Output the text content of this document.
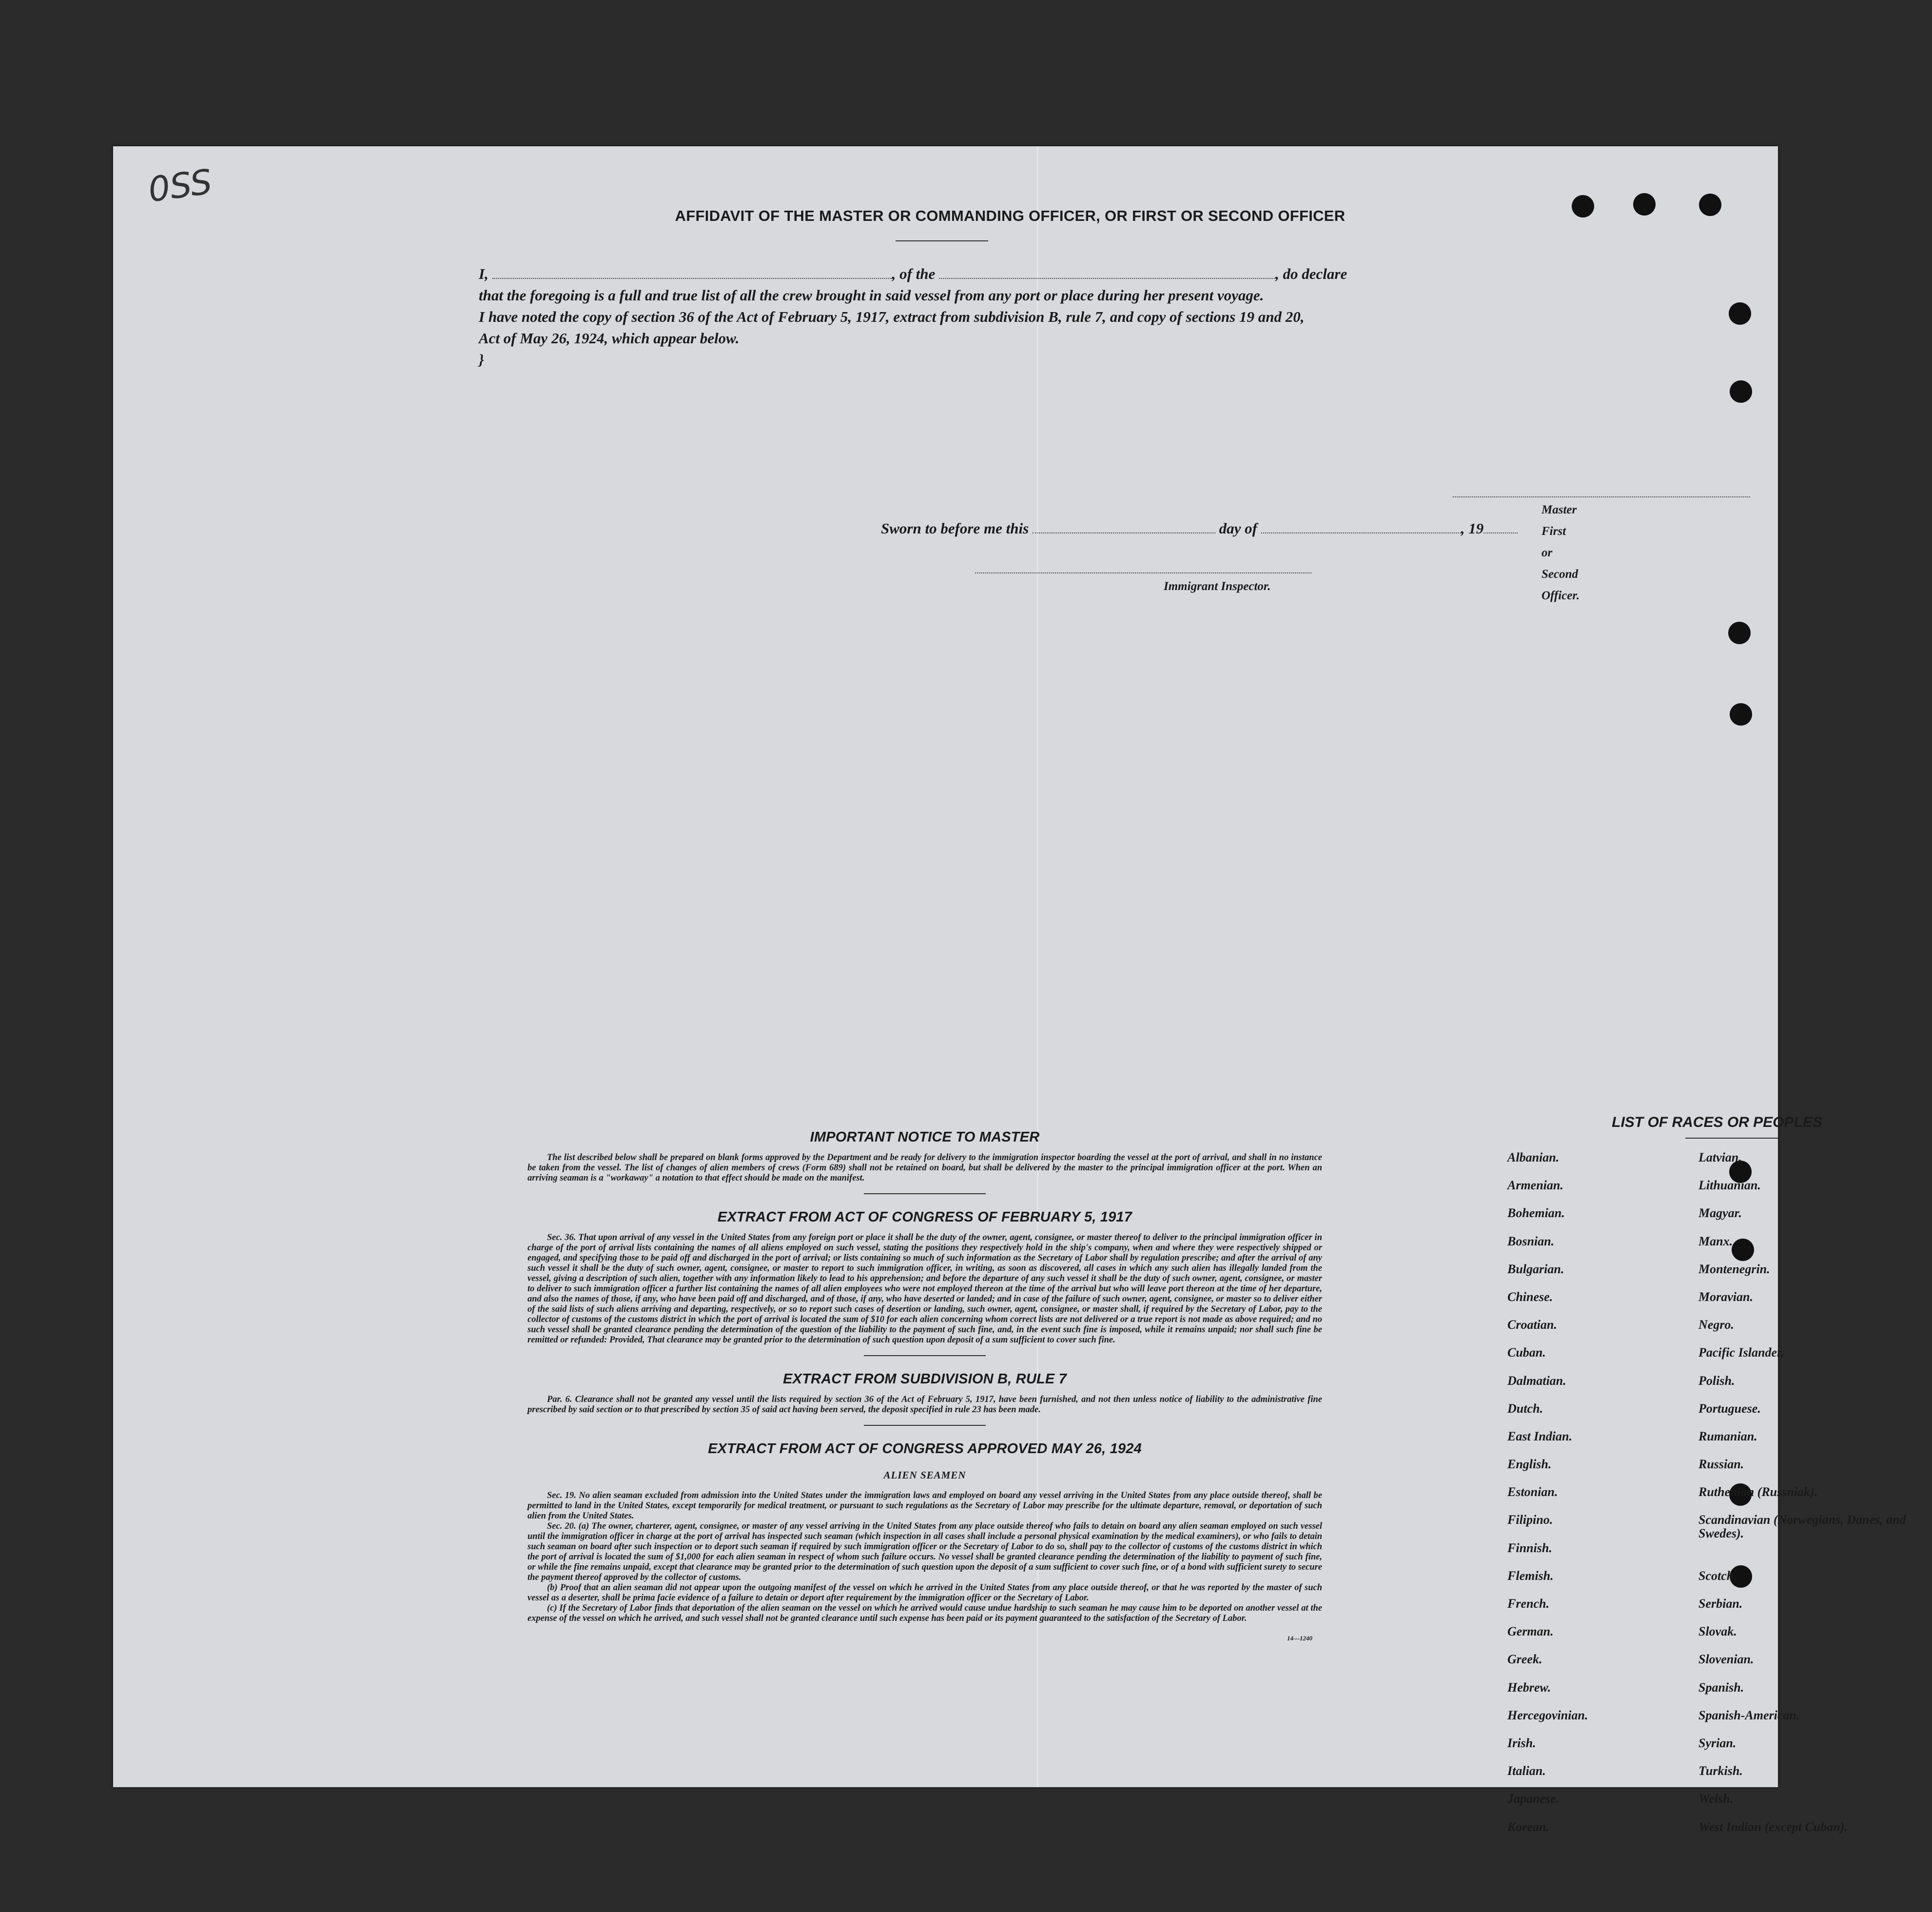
0SS
AFFIDAVIT OF THE MASTER OR COMMANDING OFFICER, OR FIRST OR SECOND OFFICER
I,	, of the	, do declare
that the foregoing is a full and true list of all the crew brought in said vessel from any port or place during her present voyage.
I have noted the copy of section 36 of the Act of February 5, 1917, extract from subdivision B, rule 7, and copy of sections 19 and 20,
Act of May 26, 1924, which appear below.
}
Master First or Second Officer.
Sworn to before me this	day of	, 19
Immigrant Inspector.
IMPORTANT NOTICE TO MASTER

The list described below shall be prepared on blank forms approved by the Department and be ready for delivery to the immigration inspector boarding the vessel at the port of arrival, and shall in no instance be taken from the vessel. The list of changes of alien members of crews (Form 689) shall not be retained on board, but shall be delivered by the master to the principal immigration officer at the port. When an arriving seaman is a "workaway" a notation to that effect should be made on the manifest.

EXTRACT FROM ACT OF CONGRESS OF FEBRUARY 5, 1917

Sec. 36. That upon arrival of any vessel in the United States from any foreign port or place it shall be the duty of the owner, agent, consignee, or master thereof to deliver to the principal immigration officer in charge of the port of arrival lists containing the names of all aliens employed on such vessel, stating the positions they respectively hold in the ship's company, when and where they were respectively shipped or engaged, and specifying those to be paid off and discharged in the port of arrival; or lists containing so much of such information as the Secretary of Labor shall by regulation prescribe; and after the arrival of any such vessel it shall be the duty of such owner, agent, consignee, or master to report to such immigration officer, in writing, as soon as discovered, all cases in which any such alien has illegally landed from the vessel, giving a description of such alien, together with any information likely to lead to his apprehension; and before the departure of any such vessel it shall be the duty of such owner, agent, consignee, or master to deliver to such immigration officer a further list containing the names of all alien employees who were not employed thereon at the time of the arrival but who will leave port thereon at the time of her departure, and also the names of those, if any, who have been paid off and discharged, and of those, if any, who have deserted or landed; and in case of the failure of such owner, agent, consignee, or master so to deliver either of the said lists of such aliens arriving and departing, respectively, or so to report such cases of desertion or landing, such owner, agent, consignee, or master shall, if required by the Secretary of Labor, pay to the collector of customs of the customs district in which the port of arrival is located the sum of $10 for each alien concerning whom correct lists are not delivered or a true report is not made as above required; and no such vessel shall be granted clearance pending the determination of the question of the liability to the payment of such fine, and, in the event such fine is imposed, while it remains unpaid; nor shall such fine be remitted or refunded: Provided, That clearance may be granted prior to the determination of such question upon deposit of a sum sufficient to cover such fine.

EXTRACT FROM SUBDIVISION B, RULE 7

Par. 6. Clearance shall not be granted any vessel until the lists required by section 36 of the Act of February 5, 1917, have been furnished, and not then unless notice of liability to the administrative fine prescribed by said section or to that prescribed by section 35 of said act having been served, the deposit specified in rule 23 has been made.

EXTRACT FROM ACT OF CONGRESS APPROVED MAY 26, 1924
ALIEN SEAMEN

Sec. 19. No alien seaman excluded from admission into the United States under the immigration laws and employed on board any vessel arriving in the United States from any place outside thereof, shall be permitted to land in the United States, except temporarily for medical treatment, or pursuant to such regulations as the Secretary of Labor may prescribe for the ultimate departure, removal, or deportation of such alien from the United States.

Sec. 20. (a) The owner, charterer, agent, consignee, or master of any vessel arriving in the United States from any place outside thereof who fails to detain on board any alien seaman employed on such vessel until the immigration officer in charge at the port of arrival has inspected such seaman (which inspection in all cases shall include a personal physical examination by the medical examiners), or who fails to detain such seaman on board after such inspection or to deport such seaman if required by such immigration officer or the Secretary of Labor to do so, shall pay to the collector of customs of the customs district in which the port of arrival is located the sum of $1,000 for each alien seaman in respect of whom such failure occurs. No vessel shall be granted clearance pending the determination of the liability to payment of such fine, or while the fine remains unpaid, except that clearance may be granted prior to the determination of such question upon the deposit of a sum sufficient to cover such fine, or of a bond with sufficient surety to secure the payment thereof approved by the collector of customs.

(b) Proof that an alien seaman did not appear upon the outgoing manifest of the vessel on which he arrived in the United States from any place outside thereof, or that he was reported by the master of such vessel as a deserter, shall be prima facie evidence of a failure to detain or deport after requirement by the immigration officer or the Secretary of Labor.

(c) If the Secretary of Labor finds that deportation of the alien seaman on the vessel on which he arrived would cause undue hardship to such seaman he may cause him to be deported on another vessel at the expense of the vessel on which he arrived, and such vessel shall not be granted clearance until such expense has been paid or its payment guaranteed to the satisfaction of the Secretary of Labor.

14—1240
LIST OF RACES OR PEOPLES
Albanian.	Latvian.
Armenian.	Lithuanian.
Bohemian.	Magyar.
Bosnian.	Manx.
Bulgarian.	Montenegrin.
Chinese.	Moravian.
Croatian.	Negro.
Cuban.	Pacific Islander.
Dalmatian.	Polish.
Dutch.	Portuguese.
East Indian.	Rumanian.
English.	Russian.
Estonian.	Ruthenian (Russniak).
Filipino.	Scandinavian (Norwegians, Danes, and Swedes).
Finnish.
Flemish.	Scotch.
French.	Serbian.
German.	Slovak.
Greek.	Slovenian.
Hebrew.	Spanish.
Hercegovinian.	Spanish-American.
Irish.	Syrian.
Italian.	Turkish.
Japanese.	Welsh.
Korean.	West Indian (except Cuban).
